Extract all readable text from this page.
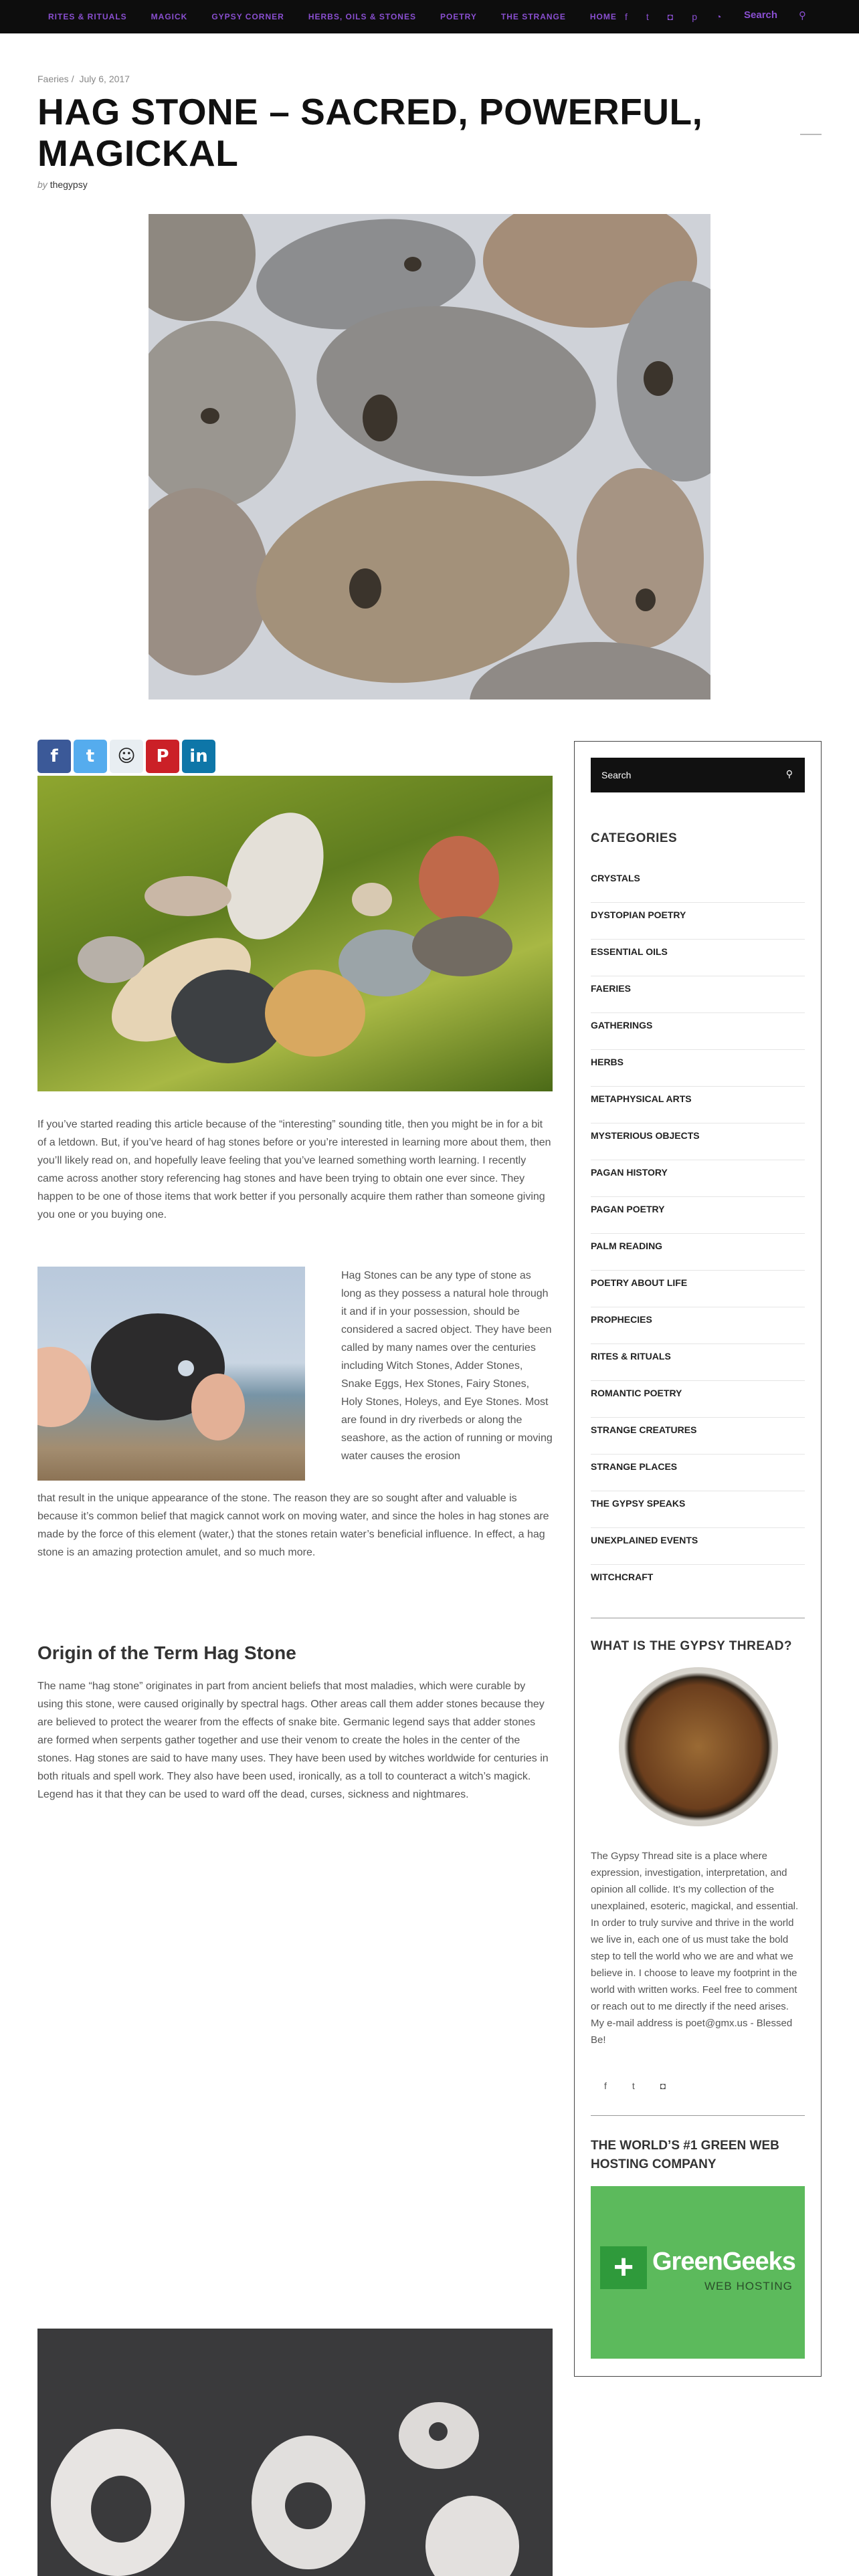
RITES & RITUALS	MAGICK	GYPSY CORNER	HERBS, OILS & STONES	POETRY	THE STRANGE	HOME f t ◘ p ◔ Search ⚲
Faeries / July 6, 2017
HAG STONE – SACRED, POWERFUL, MAGICKAL
by thegypsy
f	t	☺	P	in
If you’ve started reading this article because of the “interesting” sounding title, then you might be in for a bit of a letdown. But, if you’ve heard of hag stones before or you’re interested in learning more about them, then you’ll likely read on, and hopefully leave feeling that you’ve learned something worth learning. I recently came across another story referencing hag stones and have been trying to obtain one ever since. They happen to be one of those items that work better if you personally acquire them rather than someone giving you one or you buying one.
Hag Stones can be any type of stone as long as they possess a natural hole through it and if in your possession, should be considered a sacred object. They have been called by many names over the centuries including Witch Stones, Adder Stones, Snake Eggs, Hex Stones, Fairy Stones, Holy Stones, Holeys, and Eye Stones. Most are found in dry riverbeds or along the seashore, as the action of running or moving water causes the erosion
that result in the unique appearance of the stone. The reason they are so sought after and valuable is because it’s common belief that magick cannot work on moving water, and since the holes in hag stones are made by the force of this element (water,) that the stones retain water’s beneficial influence. In effect, a hag stone is an amazing protection amulet, and so much more.
Origin of the Term Hag Stone
The name “hag stone” originates in part from ancient beliefs that most maladies, which were curable by using this stone, were caused originally by spectral hags. Other areas call them adder stones because they are believed to protect the wearer from the effects of snake bite. Germanic legend says that adder stones are formed when serpents gather together and use their venom to create the holes in the center of the stones. Hag stones are said to have many uses. They have been used by witches worldwide for centuries in both rituals and spell work. They also have been used, ironically, as a toll to counteract a witch’s magick. Legend has it that they can be used to ward off the dead, curses, sickness and nightmares.
Search	⚲
CATEGORIES
CRYSTALS
DYSTOPIAN POETRY
ESSENTIAL OILS
FAERIES
GATHERINGS
HERBS
METAPHYSICAL ARTS
MYSTERIOUS OBJECTS
PAGAN HISTORY
PAGAN POETRY
PALM READING
POETRY ABOUT LIFE
PROPHECIES
RITES & RITUALS
ROMANTIC POETRY
STRANGE CREATURES
STRANGE PLACES
THE GYPSY SPEAKS
UNEXPLAINED EVENTS
WITCHCRAFT
WHAT IS THE GYPSY THREAD?
The Gypsy Thread site is a place where expression, investigation, interpretation, and opinion all collide. It’s my collection of the unexplained, esoteric, magickal, and essential. In order to truly survive and thrive in the world we live in, each one of us must take the bold step to tell the world who we are and what we believe in. I choose to leave my footprint in the world with written works. Feel free to comment or reach out to me directly if the need arises. My e-mail address is poet@gmx.us - Blessed Be!
f	t	◘
THE WORLD’S #1 GREEN WEB HOSTING COMPANY
+ GreenGeeks
WEB HOSTING
